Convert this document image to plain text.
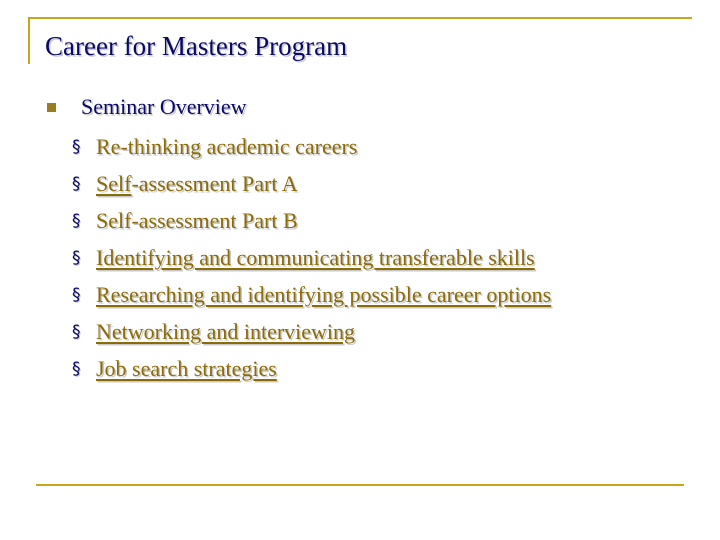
Career for Masters Program
Seminar Overview
§ Re-thinking academic careers
§ Self-assessment Part A
§ Self-assessment Part B
§ Identifying and communicating transferable skills
§ Researching and identifying possible career options
§ Networking and interviewing
§ Job search strategies
